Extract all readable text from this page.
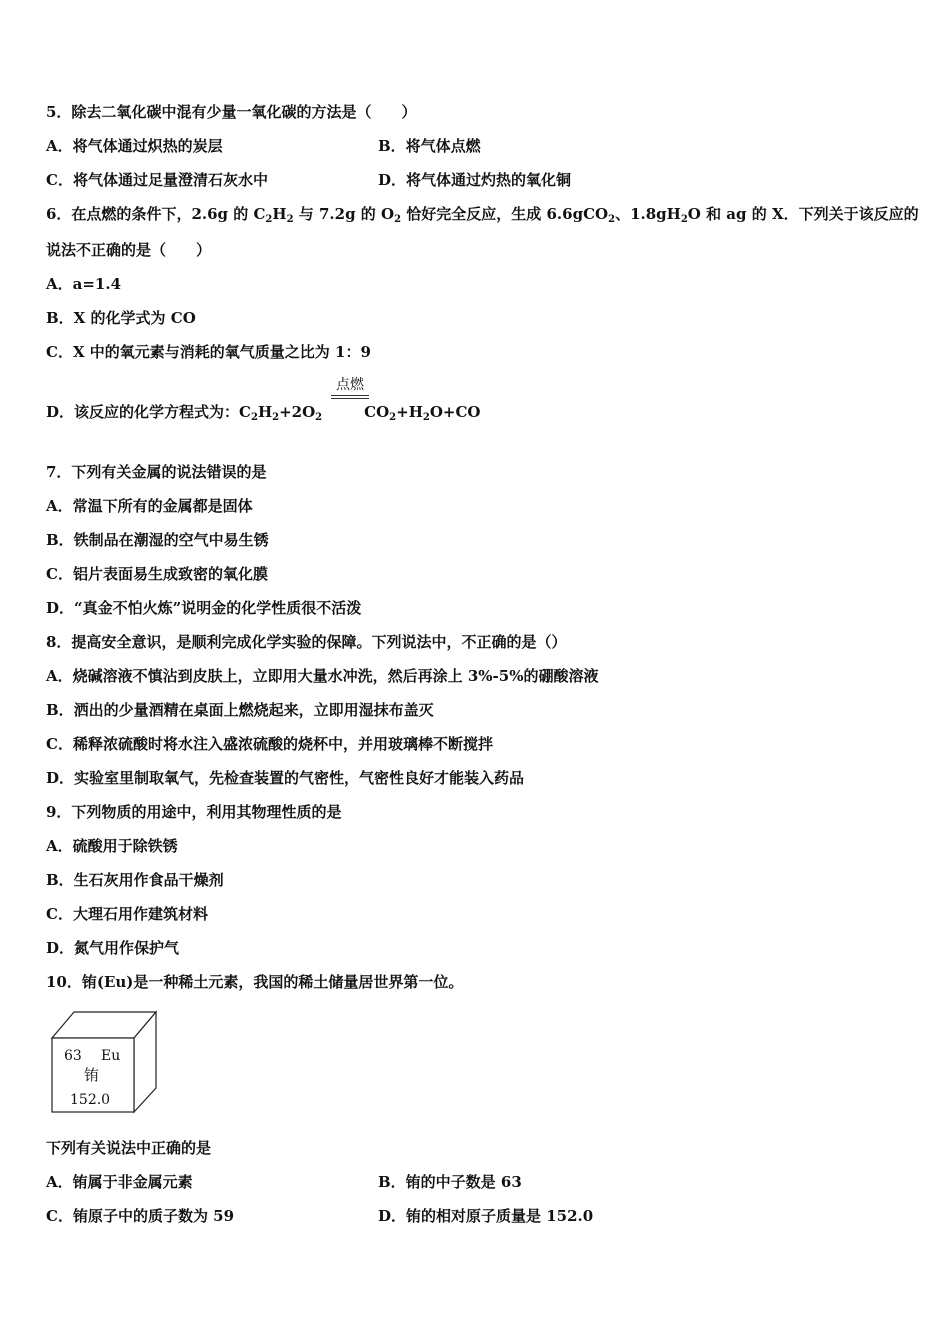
5．除去二氧化碳中混有少量一氧化碳的方法是（　　）
A．将气体通过炽热的炭层	B．将气体点燃
C．将气体通过足量澄清石灰水中	D．将气体通过灼热的氧化铜
6．在点燃的条件下，2.6g 的 $C_2H_2$ 与 7.2g 的 $O_2$ 恰好完全反应，生成 6.6gCO$_2$、$1.8gH_2O$ 和 ag 的 X．下列关于该反应的
说法不正确的是（　　）
A．a=1.4
B．X 的化学式为 CO
C．X 中的氧元素与消耗的氧气质量之比为 1：9
D．该反应的化学方程式为：$C_2H_2+2O_2$	$CO_2+H_2O+CO$
点燃
7．下列有关金属的说法错误的是
A．常温下所有的金属都是固体
B．铁制品在潮湿的空气中易生锈
C．铝片表面易生成致密的氧化膜
D．“真金不怕火炼”说明金的化学性质很不活泼
8．提高安全意识，是顺利完成化学实验的保障。下列说法中，不正确的是（）
A．烧碱溶液不慎沾到皮肤上，立即用大量水冲洗，然后再涂上 3%-5%的硼酸溶液
B．洒出的少量酒精在桌面上燃烧起来，立即用湿抹布盖灭
C．稀释浓硫酸时将水注入盛浓硫酸的烧杯中，并用玻璃棒不断搅拌
D．实验室里制取氧气，先检查装置的气密性，气密性良好才能装入药品
9．下列物质的用途中，利用其物理性质的是
A．硫酸用于除铁锈
B．生石灰用作食品干燥剂
C．大理石用作建筑材料
D．氮气用作保护气
10．铕(Eu)是一种稀土元素，我国的稀土储量居世界第一位。
63 Eu
铕
152.0
下列有关说法中正确的是
A．铕属于非金属元素	B．铕的中子数是 63
C．铕原子中的质子数为 59	D．铕的相对原子质量是 152.0
